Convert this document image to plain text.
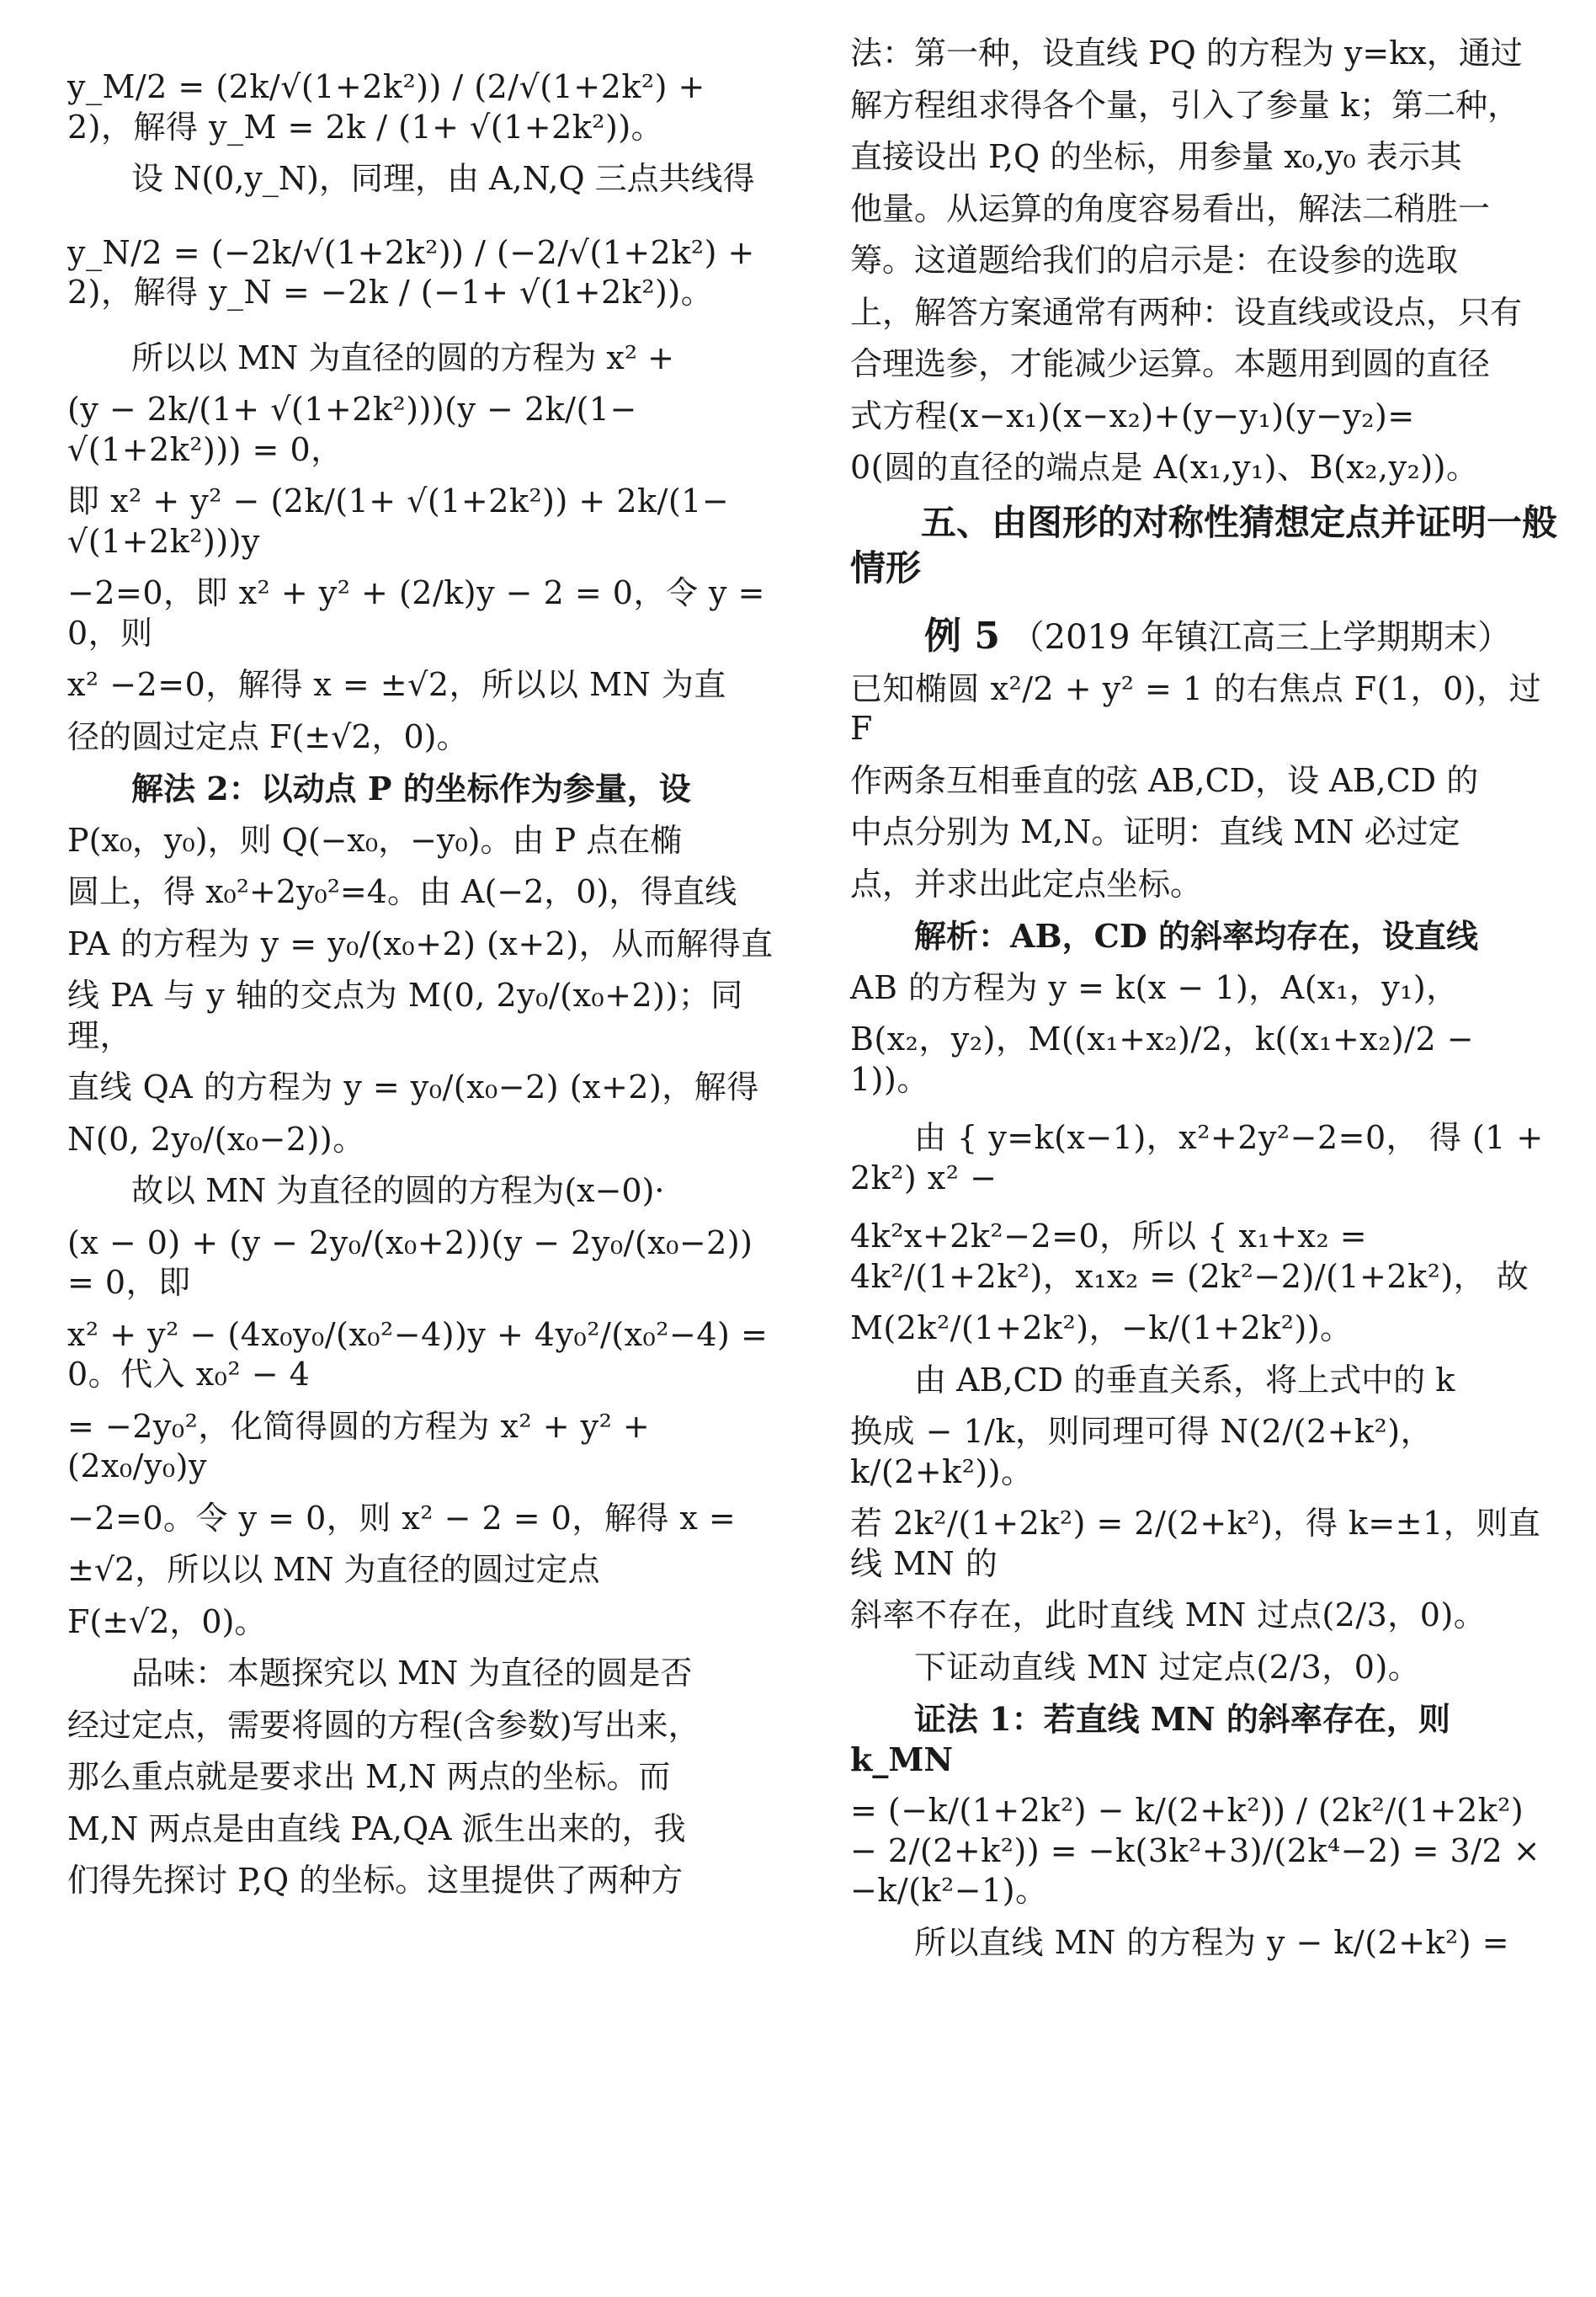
y_M/2 = (2k/√(1+2k²)) / (2/√(1+2k²) + 2)，解得 y_M = 2k / (1+ √(1+2k²))。

设 N(0,y_N)，同理，由 A,N,Q 三点共线得

y_N/2 = (−2k/√(1+2k²)) / (−2/√(1+2k²) + 2)，解得 y_N = −2k / (−1+ √(1+2k²))。

所以以 MN 为直径的圆的方程为 x² +

(y − 2k/(1+ √(1+2k²)))(y − 2k/(1− √(1+2k²))) = 0，

即 x² + y² − (2k/(1+ √(1+2k²)) + 2k/(1− √(1+2k²)))y

−2=0，即 x² + y² + (2/k)y − 2 = 0，令 y = 0，则

x² −2=0，解得 x = ±√2，所以以 MN 为直

径的圆过定点 F(±√2，0)。

解法 2：以动点 P 的坐标作为参量，设

P(x₀，y₀)，则 Q(−x₀，−y₀)。由 P 点在椭

圆上，得 x₀²+2y₀²=4。由 A(−2，0)，得直线

PA 的方程为 y = y₀/(x₀+2) (x+2)，从而解得直

线 PA 与 y 轴的交点为 M(0, 2y₀/(x₀+2))；同理，

直线 QA 的方程为 y = y₀/(x₀−2) (x+2)，解得

N(0, 2y₀/(x₀−2))。

故以 MN 为直径的圆的方程为(x−0)·

(x − 0) + (y − 2y₀/(x₀+2))(y − 2y₀/(x₀−2)) = 0，即

x² + y² − (4x₀y₀/(x₀²−4))y + 4y₀²/(x₀²−4) = 0。代入 x₀² − 4

= −2y₀²，化简得圆的方程为 x² + y² + (2x₀/y₀)y

−2=0。令 y = 0，则 x² − 2 = 0，解得 x =

±√2，所以以 MN 为直径的圆过定点

F(±√2，0)。

品味：本题探究以 MN 为直径的圆是否

经过定点，需要将圆的方程(含参数)写出来，

那么重点就是要求出 M,N 两点的坐标。而

M,N 两点是由直线 PA,QA 派生出来的，我

们得先探讨 P,Q 的坐标。这里提供了两种方

法：第一种，设直线 PQ 的方程为 y=kx，通过

解方程组求得各个量，引入了参量 k；第二种，

直接设出 P,Q 的坐标，用参量 x₀,y₀ 表示其

他量。从运算的角度容易看出，解法二稍胜一

筹。这道题给我们的启示是：在设参的选取

上，解答方案通常有两种：设直线或设点，只有

合理选参，才能减少运算。本题用到圆的直径

式方程(x−x₁)(x−x₂)+(y−y₁)(y−y₂)=

0(圆的直径的端点是 A(x₁,y₁)、B(x₂,y₂))。

五、由图形的对称性猜想定点并证明一般情形
例 5 （2019 年镇江高三上学期期末）

已知椭圆 x²/2 + y² = 1 的右焦点 F(1，0)，过 F

作两条互相垂直的弦 AB,CD，设 AB,CD 的

中点分别为 M,N。证明：直线 MN 必过定

点，并求出此定点坐标。

解析：AB，CD 的斜率均存在，设直线

AB 的方程为 y = k(x − 1)，A(x₁，y₁)，

B(x₂，y₂)，M((x₁+x₂)/2，k((x₁+x₂)/2 − 1))。

由 { y=k(x−1)，x²+2y²−2=0， 得 (1 + 2k²) x² −

4k²x+2k²−2=0，所以 { x₁+x₂ = 4k²/(1+2k²)，x₁x₂ = (2k²−2)/(1+2k²)， 故

M(2k²/(1+2k²)，−k/(1+2k²))。

由 AB,CD 的垂直关系，将上式中的 k

换成 − 1/k，则同理可得 N(2/(2+k²)，k/(2+k²))。

若 2k²/(1+2k²) = 2/(2+k²)，得 k=±1，则直线 MN 的

斜率不存在，此时直线 MN 过点(2/3，0)。

下证动直线 MN 过定点(2/3，0)。

证法 1：若直线 MN 的斜率存在，则 k_MN

= (−k/(1+2k²) − k/(2+k²)) / (2k²/(1+2k²) − 2/(2+k²)) = −k(3k²+3)/(2k⁴−2) = 3/2 × −k/(k²−1)。

所以直线 MN 的方程为 y − k/(2+k²) =
